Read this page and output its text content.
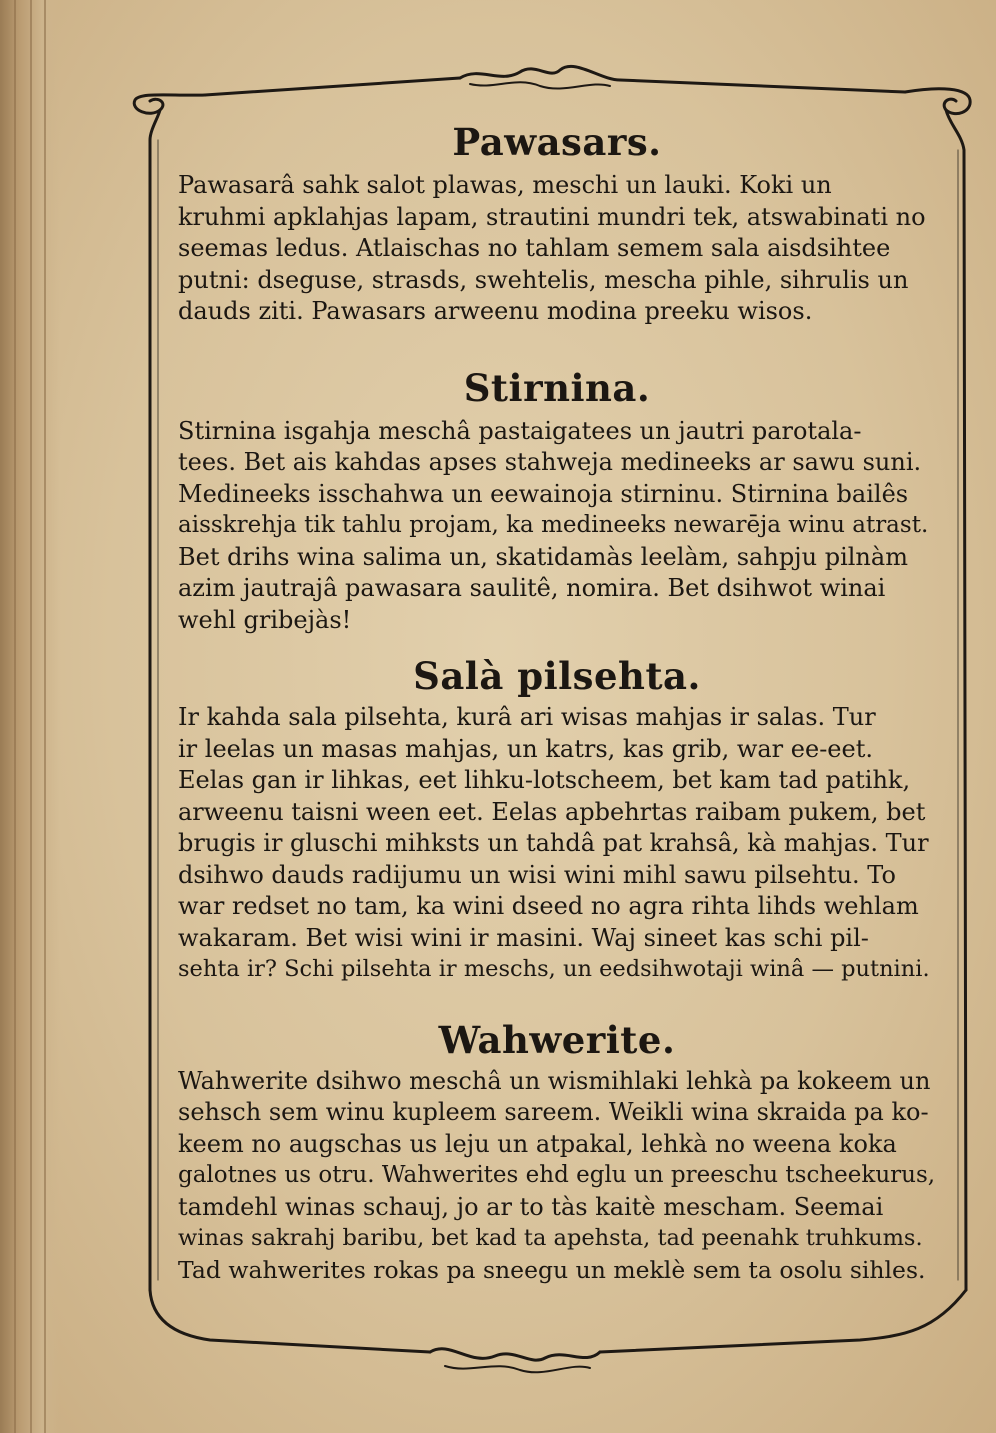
Pawasars.

Pawasarâ sahk salot plawas, meschi un lauki. Koki un
kruhmi apklahjas lapam, strautini mundri tek, atswabinati no
seemas ledus. Atlaischas no tahlam semem sala aisdsihtee
putni: dseguse, strasds, swehtelis, mescha pihle, sihrulis un
dauds ziti. Pawasars arweenu modina preeku wisos.

Stirnina.

Stirnina isgahja meschâ pastaigatees un jautri parotala-
tees. Bet ais kahdas apses stahweja medineeks ar sawu suni.
Medineeks isschahwa un eewainoja stirninu. Stirnina bailês
aisskrehja tik tahlu projam, ka medineeks newarēja winu atrast.
Bet drihs wina salima un, skatidamàs leelàm, sahpju pilnàm
azim jautrajâ pawasara saulitê, nomira. Bet dsihwot winai
wehl gribejàs!

Salà pilsehta.

Ir kahda sala pilsehta, kurâ ari wisas mahjas ir salas. Tur
ir leelas un masas mahjas, un katrs, kas grib, war ee-eet.
Eelas gan ir lihkas, eet lihku-lotscheem, bet kam tad patihk,
arweenu taisni ween eet. Eelas apbehrtas raibam pukem, bet
brugis ir gluschi mihksts un tahdâ pat krahsâ, kà mahjas. Tur
dsihwo dauds radijumu un wisi wini mihl sawu pilsehtu. To
war redset no tam, ka wini dseed no agra rihta lihds wehlam
wakaram. Bet wisi wini ir masini. Waj sineet kas schi pil-
sehta ir? Schi pilsehta ir meschs, un eedsihwotaji winâ — putnini.

Wahwerite.

Wahwerite dsihwo meschâ un wismihlaki lehkà pa kokeem un
sehsch sem winu kupleem sareem. Weikli wina skraida pa ko-
keem no augschas us leju un atpakal, lehkà no weena koka
galotnes us otru. Wahwerites ehd eglu un preeschu tscheekurus,
tamdehl winas schauj, jo ar to tàs kaitè mescham. Seemai
winas sakrahj baribu, bet kad ta apehsta, tad peenahk truhkums.
Tad wahwerites rokas pa sneegu un meklè sem ta osolu sihles.
